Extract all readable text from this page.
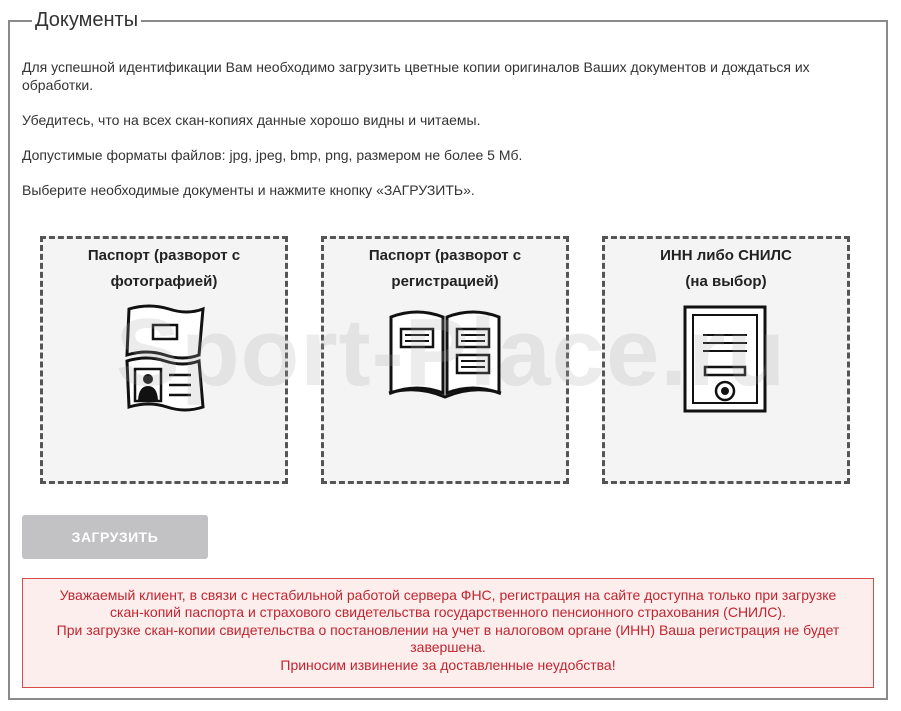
Документы

Для успешной идентификации Вам необходимо загрузить цветные копии оригиналов Ваших документов и дождаться их обработки.

Убедитесь, что на всех скан-копиях данные хорошо видны и читаемы.

Допустимые форматы файлов: jpg, jpeg, bmp, png, размером не более 5 Мб.

Выберите необходимые документы и нажмите кнопку «ЗАГРУЗИТЬ».

Паспорт (разворот с
фотографией)
Паспорт (разворот с
регистрацией)
ИНН либо СНИЛС
(на выбор)
Sport-Place.ru
ЗАГРУЗИТЬ
Уважаемый клиент, в связи с нестабильной работой сервера ФНС, регистрация на сайте доступна только при загрузке
скан-копий паспорта и страхового свидетельства государственного пенсионного страхования (СНИЛС).
При загрузке скан-копии свидетельства о постановлении на учет в налоговом органе (ИНН) Ваша регистрация не будет
завершена.
Приносим извинение за доставленные неудобства!
